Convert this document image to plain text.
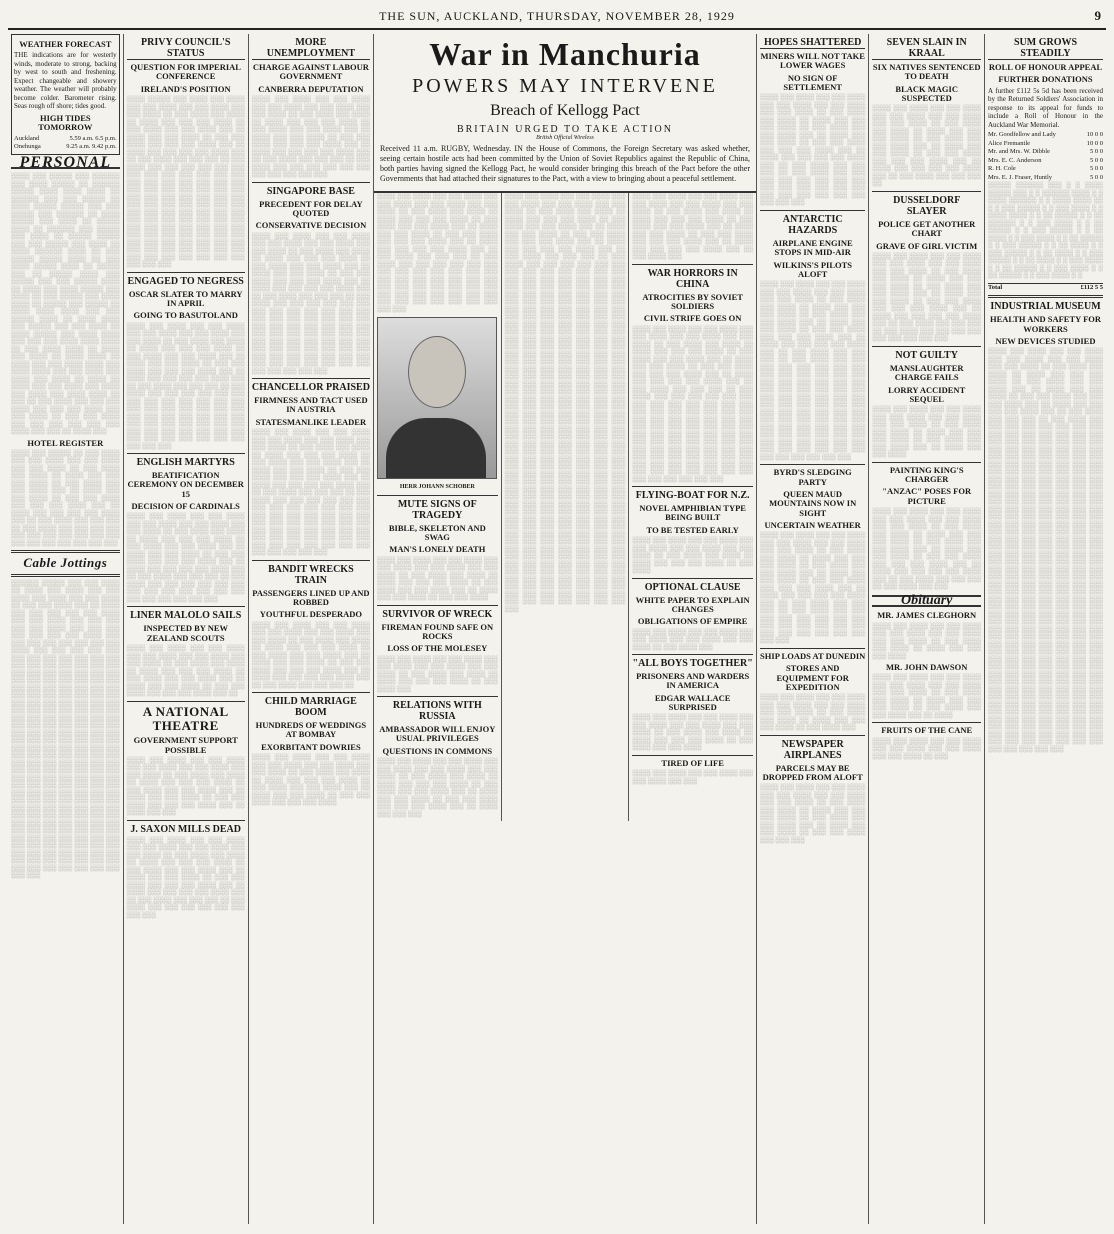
THE SUN, AUCKLAND, THURSDAY, NOVEMBER 28, 1929	9
WEATHER FORECAST

THE indications are for westerly winds, moderate to strong, backing by west to south and freshening. Expect changeable and showery weather. The weather will probably become colder. Barometer rising. Seas rough off shore; tides good.

HIGH TIDES TOMORROW
Auckland	5.59 a.m. 6.5 p.m.
Onehunga	9.25 a.m. 9.42 p.m.
PERSONAL
░░░░ ░░░ ░░░░░ ░░░ ░░░░░░ ░░░ ░░░░ ░░░░░ ░░ ░░░░░░ ░░░░░ ░░░░ ░░░░ ░░░░ ░░ ░░░░░░ ░░░ ░░░ ░░░░░ ░░ ░░░░ ░░░░░ ░░░░░ ░░░ ░░░ ░░░░░ ░░░ ░░░░░░ ░░ ░░░░ ░░░░░ ░░░ ░░░░ ░░ ░░░░░ ░░░░ ░░ ░░░░░░ ░░░ ░░░░░ ░░░ ░░░░ ░░ ░░░░░ ░░░░░ ░░░ ░░░ ░░░░░ ░░░ ░░░░ ░░ ░░░░ ░░░░░░ ░░░░ ░░ ░░░ ░░░░░ ░░░░░ ░░░░ ░░ ░░░ ░░░░ ░░░░░ ░░░░ ░░ ░░░░░ ░░░ ░░ ░░░░░ ░░░░ ░░░ ░░░░░ ░░░ ░░░ ░░░░░ ░░░░ ░░ ░░░░ ░░░ ░░░░ ░░░░░ ░░░ ░░░░ ░░ ░░░ ░░░░░ ░░░ ░░░░ ░░░░ ░░ ░░░░░ ░░░ ░░░░░ ░░ ░░░░ ░░░░ ░░░░ ░░░ ░░░ ░░░░░ ░░░░ ░░ ░░░░ ░░░░ ░░░ ░░░░░ ░░░ ░░░ ░░░░ ░░ ░░░░ ░░░░░ ░░░ ░░░░ ░░░░ ░░░ ░░░ ░░░ ░░░░ ░░░░ ░░░░ ░░ ░░░ ░░░░ ░░░░ ░░ ░░░░ ░░░ ░░░░ ░░ ░░░░ ░░░░ ░░ ░░░░ ░░░ ░░░ ░░░░ ░░░░ ░░░ ░░░░ ░░░░ ░░░ ░░░ ░░░░ ░░░ ░░░░ ░░░ ░░░░ ░░ ░░░░ ░░ ░░░░ ░░░ ░░░ ░░░░ ░░░ ░░░░ ░░░ ░░░░ ░░░ ░░░░ ░░░░ ░░ ░░░ ░░ ░░░ ░░░░ ░░░ ░░░ ░░░ ░░░░ ░░░ ░░░ ░░░ ░░░░ ░░░ ░░░ ░░░░ ░░ ░░░ ░░░ ░░░░ ░░░ ░░░ ░░░ ░░░ ░░░ ░░░ ░░░░ ░░░ ░░░ ░░ ░░░░ ░░░
HOTEL REGISTER
░░░░ ░░░ ░░░░░ ░░ ░░░ ░░░░ ░░░ ░░░ ░░░░ ░░░ ░░░ ░░░░ ░░░ ░░░ ░░░░ ░░ ░░░ ░░░░ ░░░ ░░░░ ░░ ░░░░ ░░░ ░░░ ░░░ ░░░░ ░░ ░░░ ░░░░ ░░░ ░░░ ░░░░ ░░░ ░░ ░░░░ ░░░ ░░░ ░░░░ ░░ ░░░ ░░░ ░░░░ ░░░ ░░░ ░░░ ░░░░ ░░░ ░░ ░░░░ ░░░ ░░░ ░░░ ░░░ ░░░░ ░░░ ░░ ░░░ ░░░░ ░░░ ░░░ ░░░ ░░ ░░░ ░░░░ ░░░ ░░░ ░░░ ░░░ ░░░ ░░░ ░░░ ░░░ ░░░ ░░░ ░░░ ░░░ ░░░ ░░░ ░░░ ░░░ ░░░ ░░░
Cable Jottings
░░░░░░ ░░░░░ ░░░ ░░░ ░░░░ ░░ ░░░░ ░░░ ░░░░ ░░░ ░░░ ░░░░ ░░░ ░░░░ ░░░ ░░░ ░░░░ ░░ ░░░ ░░░ ░░░░ ░░░ ░░ ░░░░ ░░░ ░░░ ░░░ ░░░ ░░░ ░░░░ ░░░ ░░░ ░░░░ ░░░ ░░░ ░░░ ░░░ ░░░ ░░░░ ░░░ ░░░ ░░░ ░░░ ░░░ ░░░ ░░░ ░░░░ ░░░ ░░░ ░░░ ░░░ ░░░ ░░░ ░░░ ░░░ ░░░░ ░░░ ░░░ ░░░ ░░░ ░░░ ░░░ ░░░ ░░░ ░░░ ░░░ ░░░ ░░░ ░░░ ░░░ ░░░ ░░░ ░░░ ░░░ ░░░ ░░░ ░░░ ░░░ ░░░ ░░░ ░░░ ░░░ ░░░ ░░░ ░░░ ░░░ ░░░ ░░░ ░░░ ░░░ ░░░ ░░░ ░░░ ░░░ ░░░ ░░░ ░░░ ░░░ ░░░ ░░░ ░░░ ░░░ ░░░ ░░░ ░░░ ░░░ ░░░ ░░░ ░░░ ░░░ ░░░ ░░░ ░░░ ░░░ ░░░ ░░░ ░░░ ░░░ ░░░ ░░░ ░░░ ░░░ ░░░ ░░░ ░░░ ░░░ ░░░ ░░░ ░░░ ░░░ ░░░ ░░░ ░░░ ░░░ ░░░ ░░░ ░░░ ░░░ ░░░ ░░░ ░░░ ░░░ ░░░ ░░░ ░░░ ░░░ ░░░ ░░░ ░░░ ░░░ ░░░ ░░░ ░░░ ░░░ ░░░ ░░░ ░░░ ░░░ ░░░ ░░░ ░░░ ░░░ ░░░ ░░░ ░░░ ░░░ ░░░ ░░░ ░░░ ░░░ ░░░ ░░░ ░░░ ░░░ ░░░ ░░░ ░░░ ░░░ ░░░ ░░░ ░░░ ░░░ ░░░ ░░░ ░░░ ░░░ ░░░ ░░░ ░░░ ░░░ ░░░ ░░░ ░░░ ░░░ ░░░ ░░░ ░░░ ░░░ ░░░ ░░░ ░░░ ░░░ ░░░ ░░░ ░░░ ░░░ ░░░ ░░░ ░░░ ░░░ ░░░ ░░░ ░░░ ░░░ ░░░ ░░░ ░░░ ░░░ ░░░ ░░░ ░░░ ░░░ ░░░ ░░░ ░░░ ░░░ ░░░ ░░░ ░░░ ░░░ ░░░ ░░░ ░░░ ░░░ ░░░ ░░░ ░░░ ░░░ ░░░ ░░░ ░░░ ░░░ ░░░ ░░░ ░░░ ░░░ ░░░ ░░░ ░░░ ░░░ ░░░ ░░░ ░░░ ░░░ ░░░ ░░░ ░░░ ░░░ ░░░ ░░░ ░░░ ░░░ ░░░ ░░░ ░░░ ░░░
PRIVY COUNCIL'S STATUS
QUESTION FOR IMPERIAL CONFERENCE
IRELAND'S POSITION
░░░░ ░░░░░ ░░░ ░░░░ ░░░ ░░░░ ░░░ ░░░ ░░░░ ░░░ ░░░ ░░░░ ░░░ ░░░ ░░░░ ░░ ░░░ ░░░░ ░░░ ░░░░ ░░ ░░░░ ░░░ ░░░ ░░░ ░░░░ ░░ ░░░ ░░░░ ░░░ ░░░ ░░░░ ░░░ ░░ ░░░░ ░░░ ░░░ ░░░░ ░░ ░░░ ░░░ ░░░░ ░░░ ░░░ ░░░ ░░░░ ░░░ ░░ ░░░░ ░░░ ░░░ ░░░ ░░░ ░░░░ ░░░ ░░ ░░░ ░░░░ ░░░ ░░░ ░░░ ░░ ░░░ ░░░░ ░░░ ░░░ ░░░ ░░░ ░░░ ░░░ ░░░ ░░░ ░░░ ░░░ ░░░ ░░░ ░░░ ░░░ ░░░ ░░░ ░░░ ░░░ ░░░ ░░░ ░░░ ░░░ ░░░ ░░░ ░░░ ░░░ ░░░ ░░░ ░░░ ░░░ ░░░ ░░░ ░░░ ░░░ ░░░ ░░░ ░░░ ░░░ ░░░ ░░░ ░░░ ░░░ ░░░ ░░░ ░░░ ░░░ ░░░ ░░░ ░░░ ░░░ ░░░ ░░░ ░░░ ░░░ ░░░ ░░░ ░░░ ░░░ ░░░ ░░░ ░░░ ░░░ ░░░ ░░░ ░░░ ░░░ ░░░ ░░░ ░░░ ░░░ ░░░ ░░░ ░░░ ░░░ ░░░ ░░░ ░░░ ░░░ ░░░ ░░░ ░░░ ░░░ ░░░ ░░░ ░░░ ░░░ ░░░ ░░░ ░░░ ░░░ ░░░ ░░░ ░░░
ENGAGED TO NEGRESS
OSCAR SLATER TO MARRY IN APRIL
GOING TO BASUTOLAND
░░░░ ░░░ ░░░░ ░░░ ░░░ ░░░░ ░░░ ░░░ ░░░░ ░░░ ░░░ ░░░░ ░░░ ░░░ ░░░░ ░░ ░░░ ░░░░ ░░░ ░░░░ ░░ ░░░░ ░░░ ░░░ ░░░ ░░░░ ░░ ░░░ ░░░░ ░░░ ░░░ ░░░░ ░░░ ░░ ░░░░ ░░░ ░░░ ░░░░ ░░ ░░░ ░░░ ░░░░ ░░░ ░░░ ░░░ ░░░░ ░░░ ░░ ░░░░ ░░░ ░░░ ░░░ ░░░ ░░░░ ░░░ ░░ ░░░ ░░░░ ░░░ ░░░ ░░░ ░░ ░░░ ░░░░ ░░░ ░░░ ░░░ ░░░ ░░░ ░░░ ░░░ ░░░ ░░░ ░░░ ░░░ ░░░ ░░░ ░░░ ░░░ ░░░ ░░░ ░░░ ░░░ ░░░ ░░░ ░░░ ░░░ ░░░ ░░░ ░░░ ░░░ ░░░ ░░░ ░░░ ░░░ ░░░ ░░░ ░░░ ░░░ ░░░ ░░░ ░░░ ░░░ ░░░ ░░░ ░░░ ░░░ ░░░ ░░░ ░░░ ░░░ ░░░ ░░░ ░░░ ░░░
ENGLISH MARTYRS
BEATIFICATION CEREMONY ON DECEMBER 15
DECISION OF CARDINALS
░░░░ ░░░ ░░░░ ░░░ ░░░ ░░░░ ░░░ ░░░ ░░░░ ░░░ ░░░ ░░░░ ░░░ ░░░ ░░░░ ░░ ░░░ ░░░░ ░░░ ░░░░ ░░ ░░░░ ░░░ ░░░ ░░░ ░░░░ ░░ ░░░ ░░░░ ░░░ ░░░ ░░░░ ░░░ ░░ ░░░░ ░░░ ░░░ ░░░░ ░░ ░░░ ░░░ ░░░░ ░░░ ░░░ ░░░ ░░░░ ░░░ ░░ ░░░░ ░░░ ░░░ ░░░ ░░░ ░░░░ ░░░ ░░ ░░░ ░░░░ ░░░ ░░░ ░░░ ░░ ░░░ ░░░░ ░░░ ░░░ ░░░ ░░░ ░░░ ░░░ ░░░ ░░░ ░░░ ░░░ ░░░ ░░░ ░░░ ░░░ ░░░ ░░░ ░░░ ░░░ ░░░
LINER MALOLO SAILS
INSPECTED BY NEW ZEALAND SCOUTS
░░░░ ░░░ ░░░░ ░░░ ░░░ ░░░░ ░░░ ░░░ ░░░░ ░░░ ░░░ ░░░░ ░░░ ░░░ ░░░░ ░░ ░░░ ░░░░ ░░░ ░░░░ ░░ ░░░░ ░░░ ░░░ ░░░ ░░░░ ░░ ░░░ ░░░░ ░░░ ░░░ ░░░░ ░░░ ░░ ░░░░ ░░░ ░░░ ░░░░ ░░ ░░░ ░░░ ░░░░ ░░░ ░░░ ░░░ ░░░░ ░░░ ░░
A NATIONAL THEATRE
GOVERNMENT SUPPORT POSSIBLE
░░░░ ░░░ ░░░░ ░░░ ░░░ ░░░░ ░░░ ░░░ ░░░░ ░░░ ░░░ ░░░░ ░░░ ░░░ ░░░░ ░░ ░░░ ░░░░ ░░░ ░░░░ ░░ ░░░░ ░░░ ░░░ ░░░ ░░░░ ░░ ░░░ ░░░░ ░░░ ░░░ ░░░░ ░░░ ░░ ░░░░ ░░░ ░░░ ░░░░ ░░ ░░░ ░░░ ░░░░ ░░░ ░░░ ░░░ ░░░░ ░░░ ░░ ░░░░ ░░░ ░░░
J. SAXON MILLS DEAD
░░░░ ░░░ ░░░░ ░░░ ░░░ ░░░░ ░░░ ░░░ ░░░░ ░░░ ░░░ ░░░░ ░░░ ░░░ ░░░░ ░░ ░░░ ░░░░ ░░░ ░░░░ ░░ ░░░░ ░░░ ░░░ ░░░ ░░░░ ░░ ░░░ ░░░░ ░░░ ░░░ ░░░░ ░░░ ░░ ░░░░ ░░░ ░░░ ░░░░ ░░ ░░░ ░░░ ░░░░ ░░░ ░░░ ░░░ ░░░░ ░░░ ░░ ░░░░ ░░░ ░░░ ░░░ ░░░ ░░░░ ░░░ ░░ ░░░ ░░░░ ░░░ ░░░ ░░░ ░░ ░░░ ░░░░ ░░░ ░░░ ░░░ ░░░ ░░░ ░░░ ░░░ ░░░
MORE UNEMPLOYMENT
CHARGE AGAINST LABOUR GOVERNMENT
CANBERRA DEPUTATION
░░░░ ░░░ ░░░░ ░░░ ░░░ ░░░░ ░░░ ░░░ ░░░░ ░░░ ░░░ ░░░░ ░░░ ░░░ ░░░░ ░░ ░░░ ░░░░ ░░░ ░░░░ ░░ ░░░░ ░░░ ░░░ ░░░ ░░░░ ░░ ░░░ ░░░░ ░░░ ░░░ ░░░░ ░░░ ░░ ░░░░ ░░░ ░░░ ░░░░ ░░ ░░░ ░░░ ░░░░ ░░░ ░░░ ░░░ ░░░░ ░░░ ░░ ░░░░ ░░░ ░░░ ░░░ ░░░ ░░░░ ░░░ ░░ ░░░ ░░░░ ░░░ ░░░ ░░░ ░░ ░░░ ░░░░ ░░░ ░░░ ░░░ ░░░ ░░░ ░░░ ░░░ ░░░ ░░░ ░░░ ░░░
SINGAPORE BASE
PRECEDENT FOR DELAY QUOTED
CONSERVATIVE DECISION
░░░░ ░░░ ░░░░ ░░░ ░░░ ░░░░ ░░░ ░░░ ░░░░ ░░░ ░░░ ░░░░ ░░░ ░░░ ░░░░ ░░ ░░░ ░░░░ ░░░ ░░░░ ░░ ░░░░ ░░░ ░░░ ░░░ ░░░░ ░░ ░░░ ░░░░ ░░░ ░░░ ░░░░ ░░░ ░░ ░░░░ ░░░ ░░░ ░░░░ ░░ ░░░ ░░░ ░░░░ ░░░ ░░░ ░░░ ░░░░ ░░░ ░░ ░░░░ ░░░ ░░░ ░░░ ░░░ ░░░░ ░░░ ░░ ░░░ ░░░░ ░░░ ░░░ ░░░ ░░ ░░░ ░░░░ ░░░ ░░░ ░░░ ░░░ ░░░ ░░░ ░░░ ░░░ ░░░ ░░░ ░░░ ░░░ ░░░ ░░░ ░░░ ░░░ ░░░ ░░░ ░░░ ░░░ ░░░ ░░░ ░░░ ░░░ ░░░ ░░░ ░░░ ░░░ ░░░ ░░░ ░░░ ░░░ ░░░ ░░░ ░░░ ░░░ ░░░ ░░░ ░░░ ░░░ ░░░ ░░░ ░░░ ░░░ ░░░ ░░░ ░░░ ░░░ ░░░ ░░░ ░░░ ░░░ ░░░ ░░░ ░░░ ░░░ ░░░ ░░░ ░░░ ░░░ ░░░ ░░░ ░░░ ░░░ ░░░ ░░░ ░░░
CHANCELLOR PRAISED
FIRMNESS AND TACT USED IN AUSTRIA
STATESMANLIKE LEADER
░░░░ ░░░ ░░░░ ░░░ ░░░ ░░░░ ░░░ ░░░ ░░░░ ░░░ ░░░ ░░░░ ░░░ ░░░ ░░░░ ░░ ░░░ ░░░░ ░░░ ░░░░ ░░ ░░░░ ░░░ ░░░ ░░░ ░░░░ ░░ ░░░ ░░░░ ░░░ ░░░ ░░░░ ░░░ ░░ ░░░░ ░░░ ░░░ ░░░░ ░░ ░░░ ░░░ ░░░░ ░░░ ░░░ ░░░ ░░░░ ░░░ ░░ ░░░░ ░░░ ░░░ ░░░ ░░░ ░░░░ ░░░ ░░ ░░░ ░░░░ ░░░ ░░░ ░░░ ░░ ░░░ ░░░░ ░░░ ░░░ ░░░ ░░░ ░░░ ░░░ ░░░ ░░░ ░░░ ░░░ ░░░ ░░░ ░░░ ░░░ ░░░ ░░░ ░░░ ░░░ ░░░ ░░░ ░░░ ░░░ ░░░ ░░░ ░░░ ░░░ ░░░ ░░░ ░░░ ░░░ ░░░ ░░░ ░░░ ░░░ ░░░ ░░░ ░░░ ░░░ ░░░ ░░░ ░░░ ░░░ ░░░ ░░░ ░░░ ░░░ ░░░ ░░░ ░░░ ░░░ ░░░ ░░░ ░░░
BANDIT WRECKS TRAIN
PASSENGERS LINED UP AND ROBBED
YOUTHFUL DESPERADO
░░░░ ░░░ ░░░░ ░░░ ░░░ ░░░░ ░░░ ░░░ ░░░░ ░░░ ░░░ ░░░░ ░░░ ░░░ ░░░░ ░░ ░░░ ░░░░ ░░░ ░░░░ ░░ ░░░░ ░░░ ░░░ ░░░ ░░░░ ░░ ░░░ ░░░░ ░░░ ░░░ ░░░░ ░░░ ░░ ░░░░ ░░░ ░░░ ░░░░ ░░ ░░░ ░░░ ░░░░ ░░░ ░░░ ░░░ ░░░░ ░░░ ░░ ░░░░ ░░░ ░░░ ░░░ ░░░ ░░░░ ░░░ ░░ ░░░ ░░░░ ░░░ ░░░ ░░░ ░░
CHILD MARRIAGE BOOM
HUNDREDS OF WEDDINGS AT BOMBAY
EXORBITANT DOWRIES
░░░░ ░░░ ░░░░ ░░░ ░░░ ░░░░ ░░░ ░░░ ░░░░ ░░░ ░░░ ░░░░ ░░░ ░░░ ░░░░ ░░ ░░░ ░░░░ ░░░ ░░░░ ░░ ░░░░ ░░░ ░░░ ░░░ ░░░░ ░░ ░░░ ░░░░ ░░░ ░░░ ░░░░ ░░░ ░░ ░░░░ ░░░ ░░░ ░░░░ ░░ ░░░ ░░░ ░░░░ ░░░ ░░░ ░░░ ░░░░
War in Manchuria
POWERS MAY INTERVENE
Breach of Kellogg Pact
BRITAIN URGED TO TAKE ACTION
British Official Wireless

Received 11 a.m. RUGBY, Wednesday. IN the House of Commons, the Foreign Secretary was asked whether, seeing certain hostile acts had been committed by the Union of Soviet Republics against the Republic of China, both parties having signed the Kellogg Pact, he would consider bringing this breach of the Pact before the other Governments that had attached their signatures to the Pact, with a view to bringing about a peaceful settlement.

░░░░ ░░░ ░░░░ ░░░ ░░░ ░░░░ ░░░ ░░░ ░░░░ ░░░ ░░░ ░░░░ ░░░ ░░░ ░░░░ ░░ ░░░ ░░░░ ░░░ ░░░░ ░░ ░░░░ ░░░ ░░░ ░░░ ░░░░ ░░ ░░░ ░░░░ ░░░ ░░░ ░░░░ ░░░ ░░ ░░░░ ░░░ ░░░ ░░░░ ░░ ░░░ ░░░ ░░░░ ░░░ ░░░ ░░░ ░░░░ ░░░ ░░ ░░░░ ░░░ ░░░ ░░░ ░░░ ░░░░ ░░░ ░░ ░░░ ░░░░ ░░░ ░░░ ░░░ ░░ ░░░ ░░░░ ░░░ ░░░ ░░░ ░░░ ░░░ ░░░ ░░░ ░░░ ░░░ ░░░ ░░░ ░░░ ░░░ ░░░ ░░░ ░░░ ░░░ ░░░ ░░░ ░░░ ░░░ ░░░ ░░░ ░░░ ░░░ ░░░ ░░░ ░░░ ░░░ ░░░ ░░░ ░░░ ░░░ ░░░ ░░░ ░░░ ░░░ ░░░ ░░░ ░░░ ░░░ ░░░ ░░░
HERR JOHANN SCHOBER
MUTE SIGNS OF TRAGEDY
BIBLE, SKELETON AND SWAG
MAN'S LONELY DEATH
░░░░ ░░░ ░░░░ ░░░ ░░░ ░░░░ ░░░ ░░░ ░░░░ ░░░ ░░░ ░░░░ ░░░ ░░░ ░░░░ ░░ ░░░ ░░░░ ░░░ ░░░░ ░░ ░░░░ ░░░ ░░░ ░░░ ░░░░ ░░ ░░░ ░░░░ ░░░ ░░░ ░░░░ ░░░ ░░ ░░░░ ░░░ ░░░ ░░░░ ░░ ░░░ ░░░ ░░░░
SURVIVOR OF WRECK
FIREMAN FOUND SAFE ON ROCKS
LOSS OF THE MOLESEY
░░░░ ░░░ ░░░░ ░░░ ░░░ ░░░░ ░░░ ░░░ ░░░░ ░░░ ░░░ ░░░░ ░░░ ░░░ ░░░░ ░░ ░░░ ░░░░ ░░░ ░░░░ ░░ ░░░░ ░░░ ░░░ ░░░ ░░░░ ░░ ░░░ ░░░░ ░░░
RELATIONS WITH RUSSIA
AMBASSADOR WILL ENJOY USUAL PRIVILEGES
QUESTIONS IN COMMONS
░░░░ ░░░ ░░░░ ░░░ ░░░ ░░░░ ░░░ ░░░ ░░░░ ░░░ ░░░ ░░░░ ░░░ ░░░ ░░░░ ░░ ░░░ ░░░░ ░░░ ░░░░ ░░ ░░░░ ░░░ ░░░ ░░░ ░░░░ ░░ ░░░ ░░░░ ░░░ ░░░ ░░░░ ░░░ ░░ ░░░░ ░░░ ░░░ ░░░░ ░░ ░░░ ░░░ ░░░░ ░░░ ░░░ ░░░ ░░░░ ░░░ ░░ ░░░░ ░░░ ░░░ ░░░
░░░░ ░░░ ░░░░ ░░░ ░░░ ░░░░ ░░░ ░░░ ░░░░ ░░░ ░░░ ░░░░ ░░░ ░░░ ░░░░ ░░ ░░░ ░░░░ ░░░ ░░░░ ░░ ░░░░ ░░░ ░░░ ░░░ ░░░░ ░░ ░░░ ░░░░ ░░░ ░░░ ░░░░ ░░░ ░░ ░░░░ ░░░ ░░░ ░░░░ ░░ ░░░ ░░░ ░░░░ ░░░ ░░░ ░░░ ░░░░ ░░░ ░░ ░░░░ ░░░ ░░░ ░░░ ░░░ ░░░░ ░░░ ░░ ░░░ ░░░░ ░░░ ░░░ ░░░ ░░ ░░░ ░░░░ ░░░ ░░░ ░░░ ░░░ ░░░ ░░░ ░░░ ░░░ ░░░ ░░░ ░░░ ░░░ ░░░ ░░░ ░░░ ░░░ ░░░ ░░░ ░░░ ░░░ ░░░ ░░░ ░░░ ░░░ ░░░ ░░░ ░░░ ░░░ ░░░ ░░░ ░░░ ░░░ ░░░ ░░░ ░░░ ░░░ ░░░ ░░░ ░░░ ░░░ ░░░ ░░░ ░░░ ░░░ ░░░ ░░░ ░░░ ░░░ ░░░ ░░░ ░░░ ░░░ ░░░ ░░░ ░░░ ░░░ ░░░ ░░░ ░░░ ░░░ ░░░ ░░░ ░░░ ░░░ ░░░ ░░░ ░░░ ░░░ ░░░ ░░░ ░░░ ░░░ ░░░ ░░░ ░░░ ░░░ ░░░ ░░░ ░░░ ░░░ ░░░ ░░░ ░░░ ░░░ ░░░ ░░░ ░░░ ░░░ ░░░ ░░░ ░░░ ░░░ ░░░ ░░░ ░░░ ░░░ ░░░ ░░░ ░░░ ░░░ ░░░ ░░░ ░░░ ░░░ ░░░ ░░░ ░░░ ░░░ ░░░ ░░░ ░░░ ░░░ ░░░ ░░░ ░░░ ░░░ ░░░ ░░░ ░░░ ░░░ ░░░ ░░░ ░░░ ░░░ ░░░ ░░░ ░░░ ░░░ ░░░ ░░░ ░░░ ░░░ ░░░ ░░░ ░░░ ░░░ ░░░ ░░░ ░░░ ░░░ ░░░ ░░░ ░░░ ░░░ ░░░ ░░░ ░░░ ░░░ ░░░ ░░░ ░░░ ░░░ ░░░ ░░░ ░░░ ░░░ ░░░ ░░░ ░░░ ░░░ ░░░ ░░░ ░░░ ░░░ ░░░ ░░░ ░░░ ░░░ ░░░ ░░░ ░░░ ░░░ ░░░ ░░░ ░░░ ░░░ ░░░ ░░░ ░░░ ░░░ ░░░ ░░░ ░░░ ░░░ ░░░ ░░░ ░░░ ░░░ ░░░ ░░░ ░░░ ░░░ ░░░ ░░░ ░░░ ░░░ ░░░ ░░░ ░░░ ░░░ ░░░ ░░░ ░░░ ░░░ ░░░ ░░░ ░░░ ░░░ ░░░ ░░░ ░░░ ░░░ ░░░ ░░░ ░░░ ░░░ ░░░ ░░░ ░░░ ░░░ ░░░ ░░░ ░░░ ░░░ ░░░ ░░░ ░░░ ░░░ ░░░ ░░░ ░░░ ░░░ ░░░ ░░░ ░░░ ░░░ ░░░ ░░░ ░░░ ░░░ ░░░ ░░░ ░░░ ░░░ ░░░ ░░░ ░░░ ░░░ ░░░ ░░░ ░░░ ░░░ ░░░ ░░░ ░░░ ░░░ ░░░ ░░░ ░░░ ░░░ ░░░ ░░░ ░░░ ░░░ ░░░ ░░░ ░░░ ░░░ ░░░ ░░░ ░░░ ░░░ ░░░ ░░░ ░░░ ░░░ ░░░ ░░░ ░░░ ░░░ ░░░ ░░░ ░░░ ░░░ ░░░ ░░░ ░░░ ░░░ ░░░ ░░░ ░░░ ░░░ ░░░ ░░░ ░░░ ░░░ ░░░ ░░░ ░░░ ░░░ ░░░ ░░░ ░░░ ░░░ ░░░ ░░░ ░░░ ░░░ ░░░ ░░░ ░░░ ░░░ ░░░ ░░░ ░░░ ░░░ ░░░ ░░░ ░░░ ░░░ ░░░ ░░░
░░░░ ░░░ ░░░░ ░░░ ░░░ ░░░░ ░░░ ░░░ ░░░░ ░░░ ░░░ ░░░░ ░░░ ░░░ ░░░░ ░░ ░░░ ░░░░ ░░░ ░░░░ ░░ ░░░░ ░░░ ░░░ ░░░ ░░░░ ░░ ░░░ ░░░░ ░░░ ░░░ ░░░░ ░░░ ░░ ░░░░ ░░░ ░░░ ░░░░ ░░ ░░░ ░░░ ░░░░ ░░░ ░░░ ░░░ ░░░░ ░░░ ░░ ░░░░ ░░░ ░░░ ░░░ ░░░ ░░░░ ░░░ ░░ ░░░ ░░░░ ░░░
WAR HORRORS IN CHINA
ATROCITIES BY SOVIET SOLDIERS
CIVIL STRIFE GOES ON
░░░░ ░░░ ░░░░ ░░░ ░░░ ░░░░ ░░░ ░░░ ░░░░ ░░░ ░░░ ░░░░ ░░░ ░░░ ░░░░ ░░ ░░░ ░░░░ ░░░ ░░░░ ░░ ░░░░ ░░░ ░░░ ░░░ ░░░░ ░░ ░░░ ░░░░ ░░░ ░░░ ░░░░ ░░░ ░░ ░░░░ ░░░ ░░░ ░░░░ ░░ ░░░ ░░░ ░░░░ ░░░ ░░░ ░░░ ░░░░ ░░░ ░░ ░░░░ ░░░ ░░░ ░░░ ░░░ ░░░░ ░░░ ░░ ░░░ ░░░░ ░░░ ░░░ ░░░ ░░ ░░░ ░░░░ ░░░ ░░░ ░░░ ░░░ ░░░ ░░░ ░░░ ░░░ ░░░ ░░░ ░░░ ░░░ ░░░ ░░░ ░░░ ░░░ ░░░ ░░░ ░░░ ░░░ ░░░ ░░░ ░░░ ░░░ ░░░ ░░░ ░░░ ░░░ ░░░ ░░░ ░░░ ░░░ ░░░ ░░░ ░░░ ░░░ ░░░ ░░░ ░░░ ░░░ ░░░ ░░░ ░░░ ░░░ ░░░ ░░░ ░░░ ░░░ ░░░ ░░░ ░░░ ░░░ ░░░ ░░░ ░░░ ░░░ ░░░ ░░░ ░░░ ░░░ ░░░ ░░░ ░░░ ░░░ ░░░ ░░░ ░░░ ░░░ ░░░ ░░░ ░░░ ░░░ ░░░ ░░░ ░░░ ░░░ ░░░ ░░░ ░░░ ░░░ ░░░ ░░░
FLYING-BOAT FOR N.Z.
NOVEL AMPHIBIAN TYPE BEING BUILT
TO BE TESTED EARLY
░░░░ ░░░ ░░░░ ░░░ ░░░ ░░░░ ░░░ ░░░ ░░░░ ░░░ ░░░ ░░░░ ░░░ ░░░ ░░░░ ░░ ░░░ ░░░░ ░░░ ░░░░ ░░ ░░░░ ░░░ ░░░ ░░░ ░░░░ ░░ ░░░ ░░░░
OPTIONAL CLAUSE
WHITE PAPER TO EXPLAIN CHANGES
OBLIGATIONS OF EMPIRE
░░░░ ░░░ ░░░░ ░░░ ░░░ ░░░░ ░░░ ░░░ ░░░░ ░░░ ░░░ ░░░░ ░░░ ░░░ ░░░░ ░░ ░░░ ░░░░ ░░░
"ALL BOYS TOGETHER"
PRISONERS AND WARDERS IN AMERICA
EDGAR WALLACE SURPRISED
░░░░ ░░░ ░░░░ ░░░ ░░░ ░░░░ ░░░ ░░░ ░░░░ ░░░ ░░░ ░░░░ ░░░ ░░░ ░░░░ ░░ ░░░ ░░░░ ░░░ ░░░░ ░░ ░░░░ ░░░ ░░░ ░░░ ░░░░ ░░ ░░░ ░░░░ ░░░ ░░░ ░░░░
TIRED OF LIFE
░░░░ ░░░ ░░░░ ░░░ ░░░ ░░░░ ░░░ ░░░ ░░░░ ░░░ ░░░
HOPES SHATTERED
MINERS WILL NOT TAKE LOWER WAGES
NO SIGN OF SETTLEMENT
░░░░ ░░░ ░░░░ ░░░ ░░░ ░░░░ ░░░ ░░░ ░░░░ ░░░ ░░░ ░░░░ ░░░ ░░░ ░░░░ ░░ ░░░ ░░░░ ░░░ ░░░░ ░░ ░░░░ ░░░ ░░░ ░░░ ░░░░ ░░ ░░░ ░░░░ ░░░ ░░░ ░░░░ ░░░ ░░ ░░░░ ░░░ ░░░ ░░░░ ░░ ░░░ ░░░ ░░░░ ░░░ ░░░ ░░░ ░░░░ ░░░ ░░ ░░░░ ░░░ ░░░ ░░░ ░░░ ░░░░ ░░░ ░░ ░░░ ░░░░ ░░░ ░░░ ░░░ ░░ ░░░ ░░░░ ░░░ ░░░ ░░░ ░░░ ░░░ ░░░ ░░░ ░░░ ░░░ ░░░ ░░░ ░░░ ░░░ ░░░ ░░░ ░░░ ░░░ ░░░ ░░░ ░░░ ░░░ ░░░ ░░░
ANTARCTIC HAZARDS
AIRPLANE ENGINE STOPS IN MID-AIR
WILKINS'S PILOTS ALOFT
░░░░ ░░░ ░░░░ ░░░ ░░░ ░░░░ ░░░ ░░░ ░░░░ ░░░ ░░░ ░░░░ ░░░ ░░░ ░░░░ ░░ ░░░ ░░░░ ░░░ ░░░░ ░░ ░░░░ ░░░ ░░░ ░░░ ░░░░ ░░ ░░░ ░░░░ ░░░ ░░░ ░░░░ ░░░ ░░ ░░░░ ░░░ ░░░ ░░░░ ░░ ░░░ ░░░ ░░░░ ░░░ ░░░ ░░░ ░░░░ ░░░ ░░ ░░░░ ░░░ ░░░ ░░░ ░░░ ░░░░ ░░░ ░░ ░░░ ░░░░ ░░░ ░░░ ░░░ ░░ ░░░ ░░░░ ░░░ ░░░ ░░░ ░░░ ░░░ ░░░ ░░░ ░░░ ░░░ ░░░ ░░░ ░░░ ░░░ ░░░ ░░░ ░░░ ░░░ ░░░ ░░░ ░░░ ░░░ ░░░ ░░░ ░░░ ░░░ ░░░ ░░░ ░░░ ░░░ ░░░ ░░░ ░░░ ░░░ ░░░ ░░░ ░░░ ░░░ ░░░ ░░░ ░░░ ░░░ ░░░ ░░░ ░░░ ░░░ ░░░ ░░░ ░░░ ░░░ ░░░ ░░░ ░░░ ░░░ ░░░ ░░░ ░░░ ░░░ ░░░ ░░░ ░░░ ░░░ ░░░ ░░░ ░░░ ░░░ ░░░ ░░░ ░░░ ░░░ ░░░ ░░░ ░░░ ░░░ ░░░ ░░░ ░░░ ░░░ ░░░ ░░░ ░░░
BYRD'S SLEDGING PARTY
QUEEN MAUD MOUNTAINS NOW IN SIGHT
UNCERTAIN WEATHER
░░░░ ░░░ ░░░░ ░░░ ░░░ ░░░░ ░░░ ░░░ ░░░░ ░░░ ░░░ ░░░░ ░░░ ░░░ ░░░░ ░░ ░░░ ░░░░ ░░░ ░░░░ ░░ ░░░░ ░░░ ░░░ ░░░ ░░░░ ░░ ░░░ ░░░░ ░░░ ░░░ ░░░░ ░░░ ░░ ░░░░ ░░░ ░░░ ░░░░ ░░ ░░░ ░░░ ░░░░ ░░░ ░░░ ░░░ ░░░░ ░░░ ░░ ░░░░ ░░░ ░░░ ░░░ ░░░ ░░░░ ░░░ ░░ ░░░ ░░░░ ░░░ ░░░ ░░░ ░░ ░░░ ░░░░ ░░░ ░░░ ░░░ ░░░ ░░░ ░░░ ░░░ ░░░ ░░░ ░░░ ░░░ ░░░ ░░░ ░░░ ░░░ ░░░ ░░░ ░░░ ░░░ ░░░ ░░░ ░░░
SHIP LOADS AT DUNEDIN
STORES AND EQUIPMENT FOR EXPEDITION
░░░░ ░░░ ░░░░ ░░░ ░░░ ░░░░ ░░░ ░░░ ░░░░ ░░░ ░░░ ░░░░ ░░░ ░░░ ░░░░ ░░ ░░░ ░░░░ ░░░ ░░░░ ░░ ░░░░ ░░░ ░░░ ░░░ ░░░░ ░░ ░░░ ░░░░ ░░░
NEWSPAPER AIRPLANES
PARCELS MAY BE DROPPED FROM ALOFT
░░░░ ░░░ ░░░░ ░░░ ░░░ ░░░░ ░░░ ░░░ ░░░░ ░░░ ░░░ ░░░░ ░░░ ░░░ ░░░░ ░░ ░░░ ░░░░ ░░░ ░░░░ ░░ ░░░░ ░░░ ░░░ ░░░ ░░░░ ░░ ░░░ ░░░░ ░░░ ░░░ ░░░░ ░░░ ░░ ░░░░ ░░░ ░░░ ░░░░ ░░ ░░░ ░░░ ░░░░ ░░░ ░░░ ░░░
SEVEN SLAIN IN KRAAL
SIX NATIVES SENTENCED TO DEATH
BLACK MAGIC SUSPECTED
░░░░ ░░░ ░░░░ ░░░ ░░░ ░░░░ ░░░ ░░░ ░░░░ ░░░ ░░░ ░░░░ ░░░ ░░░ ░░░░ ░░ ░░░ ░░░░ ░░░ ░░░░ ░░ ░░░░ ░░░ ░░░ ░░░ ░░░░ ░░ ░░░ ░░░░ ░░░ ░░░ ░░░░ ░░░ ░░ ░░░░ ░░░ ░░░ ░░░░ ░░ ░░░ ░░░ ░░░░ ░░░ ░░░ ░░░ ░░░░ ░░░ ░░ ░░░░ ░░░ ░░░ ░░░ ░░░ ░░░░ ░░░ ░░ ░░░ ░░░░ ░░░ ░░░ ░░░ ░░
DUSSELDORF SLAYER
POLICE GET ANOTHER CHART
GRAVE OF GIRL VICTIM
░░░░ ░░░ ░░░░ ░░░ ░░░ ░░░░ ░░░ ░░░ ░░░░ ░░░ ░░░ ░░░░ ░░░ ░░░ ░░░░ ░░ ░░░ ░░░░ ░░░ ░░░░ ░░ ░░░░ ░░░ ░░░ ░░░ ░░░░ ░░ ░░░ ░░░░ ░░░ ░░░ ░░░░ ░░░ ░░ ░░░░ ░░░ ░░░ ░░░░ ░░ ░░░ ░░░ ░░░░ ░░░ ░░░ ░░░ ░░░░ ░░░ ░░ ░░░░ ░░░ ░░░ ░░░ ░░░ ░░░░ ░░░ ░░ ░░░ ░░░░ ░░░ ░░░ ░░░ ░░ ░░░ ░░░░ ░░░ ░░░ ░░░ ░░░ ░░░ ░░░ ░░░ ░░░ ░░░
NOT GUILTY
MANSLAUGHTER CHARGE FAILS
LORRY ACCIDENT SEQUEL
░░░░ ░░░ ░░░░ ░░░ ░░░ ░░░░ ░░░ ░░░ ░░░░ ░░░ ░░░ ░░░░ ░░░ ░░░ ░░░░ ░░ ░░░ ░░░░ ░░░ ░░░░ ░░ ░░░░ ░░░ ░░░ ░░░ ░░░░ ░░ ░░░ ░░░░ ░░░ ░░░ ░░░░ ░░░ ░░ ░░░░ ░░░ ░░░ ░░░░
PAINTING KING'S CHARGER
"ANZAC" POSES FOR PICTURE
░░░░ ░░░ ░░░░ ░░░ ░░░ ░░░░ ░░░ ░░░ ░░░░ ░░░ ░░░ ░░░░ ░░░ ░░░ ░░░░ ░░ ░░░ ░░░░ ░░░ ░░░░ ░░ ░░░░ ░░░ ░░░ ░░░ ░░░░ ░░ ░░░ ░░░░ ░░░ ░░░ ░░░░ ░░░ ░░ ░░░░ ░░░ ░░░ ░░░░ ░░ ░░░ ░░░ ░░░░ ░░░ ░░░ ░░░ ░░░░ ░░░ ░░ ░░░░ ░░░ ░░░ ░░░ ░░░ ░░░░ ░░░ ░░ ░░░ ░░░░ ░░░ ░░░ ░░░ ░░ ░░░ ░░░░ ░░░ ░░░
Obituary
MR. JAMES CLEGHORN
░░░░ ░░░ ░░░░ ░░░ ░░░ ░░░░ ░░░ ░░░ ░░░░ ░░░ ░░░ ░░░░ ░░░ ░░░ ░░░░ ░░ ░░░ ░░░░ ░░░ ░░░░ ░░ ░░░░ ░░░ ░░░ ░░░ ░░░░
MR. JOHN DAWSON
░░░░ ░░░ ░░░░ ░░░ ░░░ ░░░░ ░░░ ░░░ ░░░░ ░░░ ░░░ ░░░░ ░░░ ░░░ ░░░░ ░░ ░░░ ░░░░ ░░░ ░░░░ ░░ ░░░░ ░░░ ░░░ ░░░ ░░░░ ░░ ░░░ ░░░░ ░░░ ░░░ ░░░░ ░░░ ░░ ░░░░
FRUITS OF THE CANE
░░░░ ░░░ ░░░░ ░░░ ░░░ ░░░░ ░░░ ░░░ ░░░░ ░░░ ░░░ ░░░░ ░░░ ░░░ ░░░░ ░░ ░░░
SUM GROWS STEADILY
ROLL OF HONOUR APPEAL
FURTHER DONATIONS

A further £112 5s 5d has been received by the Returned Soldiers' Association in response to its appeal for funds to include a Roll of Honour in the Auckland War Memorial.

Mr. Goodfellow and Lady	10 0 0
Alice Fremantle	10 0 0
Mr. and Mrs. W. Dibble	5 0 0
Mrs. E. C. Anderson	5 0 0
R. H. Cole	5 0 0
Mrs. E. J. Fraser, Huntly	5 0 0
░░░░░ ░░░░░░ ░░░ ░ ░ ░░░░ ░░░░░ ░░░ ░ ░ ░░░░░░ ░░░░ ░ ░ ░░░░ ░░░░░░ ░ ░ ░░░░ ░░░░ ░░ ░ ░ ░░░ ░░░░░ ░ ░ ░░░ ░░░░ ░ ░ ░░░░ ░░░░ ░ ░ ░░ ░░░░░ ░ ░ ░░ ░░░░░░ ░ ░ ░░░ ░░░░ ░ ░ ░░ ░░░░░ ░ ░ ░░░ ░░░░░ ░ ░ ░░ ░░░░ ░ ░ ░░░ ░░░░ ░ ░ ░░ ░░░░░ ░ ░ ░░░ ░░░░░ ░ ░ ░░ ░░░░ ░ ░ ░░░ ░░░░░ ░ ░ ░░ ░░░░ ░ ░ ░░░ ░░░░░ ░ ░ ░░ ░░░░ ░ ░ ░░░ ░░░░ ░ ░ ░░ ░░░░░ ░ ░ ░░░ ░░░░ ░ ░ ░░ ░░░░░ ░ ░ ░░░ ░░░░ ░ ░
Total	£112 5 5
INDUSTRIAL MUSEUM
HEALTH AND SAFETY FOR WORKERS
NEW DEVICES STUDIED
░░░░ ░░░ ░░░░ ░░░ ░░░ ░░░░ ░░░ ░░░ ░░░░ ░░░ ░░░ ░░░░ ░░░ ░░░ ░░░░ ░░ ░░░ ░░░░ ░░░ ░░░░ ░░ ░░░░ ░░░ ░░░ ░░░ ░░░░ ░░ ░░░ ░░░░ ░░░ ░░░ ░░░░ ░░░ ░░ ░░░░ ░░░ ░░░ ░░░░ ░░ ░░░ ░░░ ░░░░ ░░░ ░░░ ░░░ ░░░░ ░░░ ░░ ░░░░ ░░░ ░░░ ░░░ ░░░ ░░░░ ░░░ ░░ ░░░ ░░░░ ░░░ ░░░ ░░░ ░░ ░░░ ░░░░ ░░░ ░░░ ░░░ ░░░ ░░░ ░░░ ░░░ ░░░ ░░░ ░░░ ░░░ ░░░ ░░░ ░░░ ░░░ ░░░ ░░░ ░░░ ░░░ ░░░ ░░░ ░░░ ░░░ ░░░ ░░░ ░░░ ░░░ ░░░ ░░░ ░░░ ░░░ ░░░ ░░░ ░░░ ░░░ ░░░ ░░░ ░░░ ░░░ ░░░ ░░░ ░░░ ░░░ ░░░ ░░░ ░░░ ░░░ ░░░ ░░░ ░░░ ░░░ ░░░ ░░░ ░░░ ░░░ ░░░ ░░░ ░░░ ░░░ ░░░ ░░░ ░░░ ░░░ ░░░ ░░░ ░░░ ░░░ ░░░ ░░░ ░░░ ░░░ ░░░ ░░░ ░░░ ░░░ ░░░ ░░░ ░░░ ░░░ ░░░ ░░░ ░░░ ░░░ ░░░ ░░░ ░░░ ░░░ ░░░ ░░░ ░░░ ░░░ ░░░ ░░░ ░░░ ░░░ ░░░ ░░░ ░░░ ░░░ ░░░ ░░░ ░░░ ░░░ ░░░ ░░░ ░░░ ░░░ ░░░ ░░░ ░░░ ░░░ ░░░ ░░░ ░░░ ░░░ ░░░ ░░░ ░░░ ░░░ ░░░ ░░░ ░░░ ░░░ ░░░ ░░░ ░░░ ░░░ ░░░ ░░░ ░░░ ░░░ ░░░ ░░░ ░░░ ░░░ ░░░ ░░░ ░░░ ░░░ ░░░ ░░░ ░░░ ░░░ ░░░ ░░░ ░░░ ░░░ ░░░ ░░░ ░░░ ░░░ ░░░ ░░░ ░░░ ░░░ ░░░ ░░░ ░░░ ░░░ ░░░ ░░░ ░░░ ░░░ ░░░ ░░░ ░░░ ░░░ ░░░ ░░░ ░░░ ░░░ ░░░ ░░░ ░░░ ░░░ ░░░ ░░░ ░░░ ░░░ ░░░ ░░░ ░░░ ░░░ ░░░ ░░░ ░░░ ░░░ ░░░ ░░░ ░░░ ░░░ ░░░ ░░░ ░░░ ░░░ ░░░ ░░░ ░░░ ░░░ ░░░ ░░░ ░░░ ░░░ ░░░ ░░░ ░░░ ░░░ ░░░ ░░░ ░░░ ░░░ ░░░ ░░░ ░░░ ░░░ ░░░ ░░░ ░░░ ░░░ ░░░ ░░░ ░░░ ░░░ ░░░ ░░░ ░░░ ░░░ ░░░ ░░░ ░░░ ░░░ ░░░ ░░░ ░░░ ░░░ ░░░ ░░░ ░░░ ░░░ ░░░ ░░░ ░░░ ░░░ ░░░ ░░░ ░░░ ░░░ ░░░ ░░░ ░░░ ░░░ ░░░ ░░░ ░░░ ░░░ ░░░ ░░░ ░░░ ░░░ ░░░ ░░░ ░░░ ░░░ ░░░ ░░░ ░░░ ░░░ ░░░ ░░░ ░░░ ░░░ ░░░ ░░░ ░░░ ░░░ ░░░ ░░░ ░░░ ░░░ ░░░ ░░░ ░░░ ░░░ ░░░ ░░░ ░░░ ░░░ ░░░ ░░░ ░░░ ░░░ ░░░ ░░░ ░░░ ░░░ ░░░ ░░░ ░░░ ░░░ ░░░ ░░░ ░░░ ░░░ ░░░ ░░░ ░░░ ░░░
